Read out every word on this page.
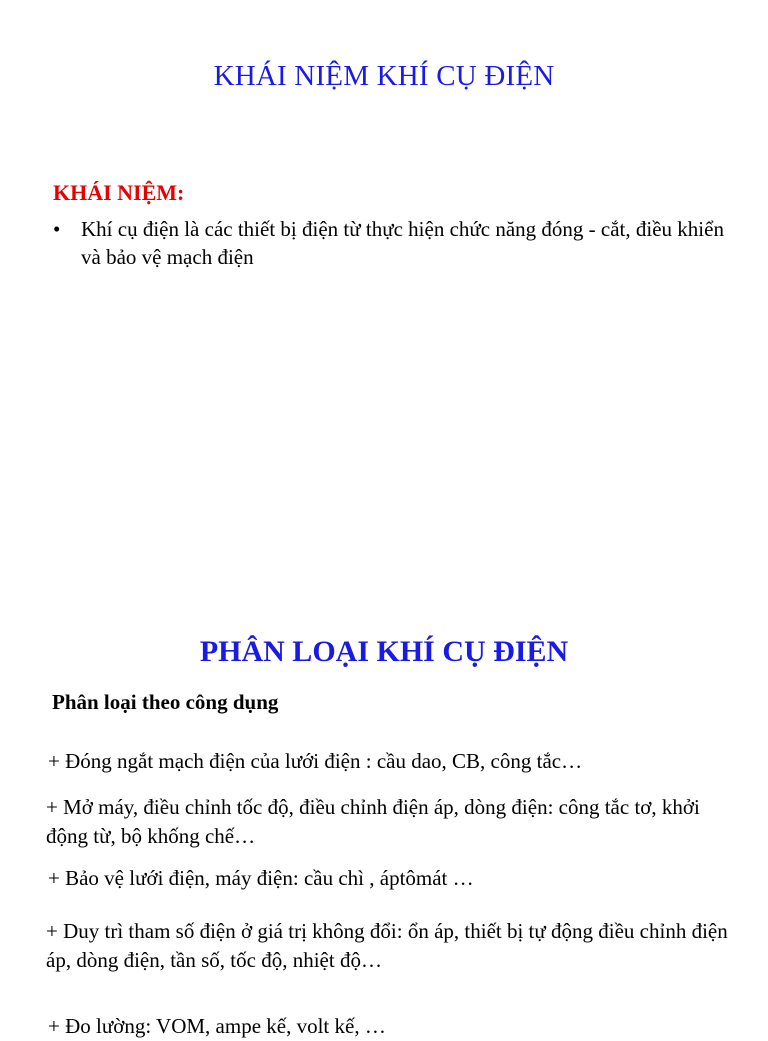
KHÁI NIỆM KHÍ CỤ ĐIỆN
KHÁI NIỆM:
• Khí cụ điện là các thiết bị điện từ thực hiện chức năng đóng - cắt, điều khiển và bảo vệ mạch điện
PHÂN LOẠI KHÍ CỤ ĐIỆN
Phân loại theo công dụng
+ Đóng ngắt mạch điện của lưới điện : cầu dao, CB, công tắc…
+ Mở máy, điều chỉnh tốc độ, điều chỉnh điện áp, dòng điện: công tắc tơ, khởi động từ, bộ khống chế…
+ Bảo vệ lưới điện, máy điện: cầu chì , áptômát …
+ Duy trì tham số điện ở giá trị không đổi: ổn áp, thiết bị tự động điều chỉnh điện áp, dòng điện, tần số, tốc độ, nhiệt độ…
+ Đo lường: VOM, ampe kế, volt kế, …
